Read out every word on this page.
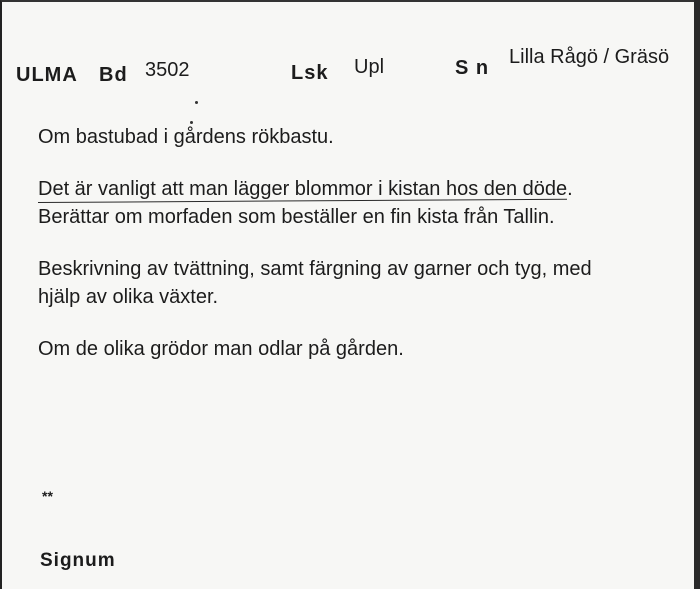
ULMA Bd 3502	Lsk Upl	S n Lilla Rågö / Gräsö
Om bastubad i gårdens rökbastu.
Det är vanligt att man lägger blommor i kistan hos den döde.
Berättar om morfaden som beställer en fin kista från Tallin.
Beskrivning av tvättning, samt färgning av garner och tyg, med
hjälp av olika växter.
Om de olika grödor man odlar på gården.
**
Signum
